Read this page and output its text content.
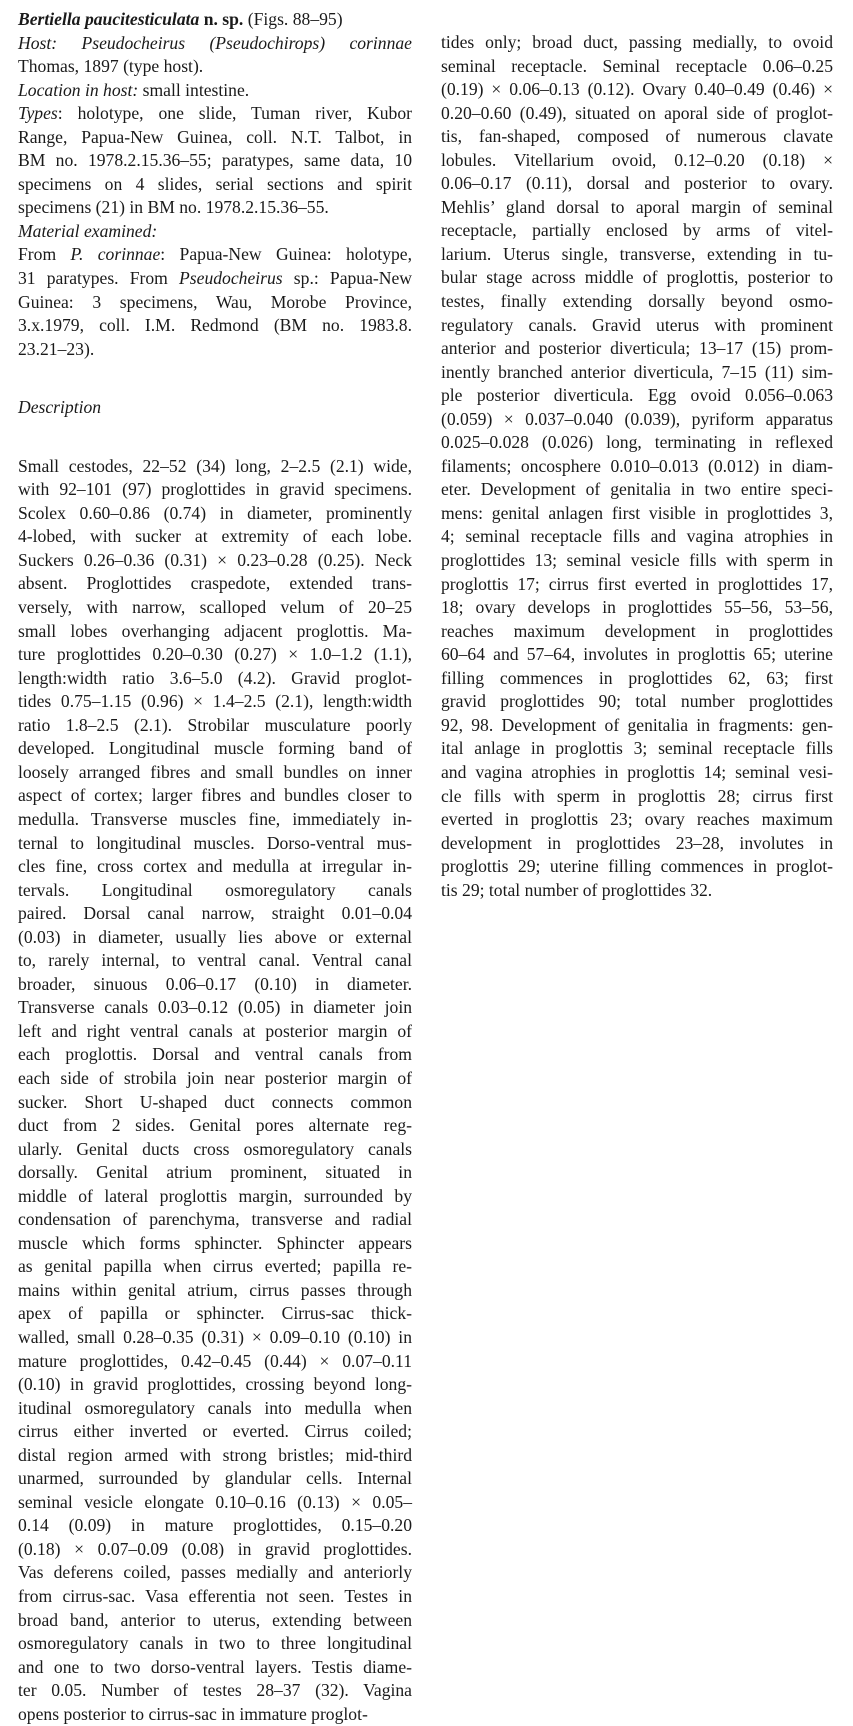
Bertiella paucitesticulata n. sp. (Figs. 88–95)
Host: Pseudocheirus (Pseudochirops) corinnae
Thomas, 1897 (type host).
Location in host: small intestine.
Types: holotype, one slide, Tuman river, Kubor
Range, Papua-New Guinea, coll. N.T. Talbot, in
BM no. 1978.2.15.36–55; paratypes, same data, 10
specimens on 4 slides, serial sections and spirit
specimens (21) in BM no. 1978.2.15.36–55.
Material examined:
From P. corinnae: Papua-New Guinea: holotype,
31 paratypes. From Pseudocheirus sp.: Papua-New
Guinea: 3 specimens, Wau, Morobe Province,
3.x.1979, coll. I.M. Redmond (BM no. 1983.8.
23.21–23).
Description
Small cestodes, 22–52 (34) long, 2–2.5 (2.1) wide,
with 92–101 (97) proglottides in gravid specimens.
Scolex 0.60–0.86 (0.74) in diameter, prominently
4-lobed, with sucker at extremity of each lobe.
Suckers 0.26–0.36 (0.31) × 0.23–0.28 (0.25). Neck
absent. Proglottides craspedote, extended trans-
versely, with narrow, scalloped velum of 20–25
small lobes overhanging adjacent proglottis. Ma-
ture proglottides 0.20–0.30 (0.27) × 1.0–1.2 (1.1),
length:width ratio 3.6–5.0 (4.2). Gravid proglot-
tides 0.75–1.15 (0.96) × 1.4–2.5 (2.1), length:width
ratio 1.8–2.5 (2.1). Strobilar musculature poorly
developed. Longitudinal muscle forming band of
loosely arranged fibres and small bundles on inner
aspect of cortex; larger fibres and bundles closer to
medulla. Transverse muscles fine, immediately in-
ternal to longitudinal muscles. Dorso-ventral mus-
cles fine, cross cortex and medulla at irregular in-
tervals. Longitudinal osmoregulatory canals
paired. Dorsal canal narrow, straight 0.01–0.04
(0.03) in diameter, usually lies above or external
to, rarely internal, to ventral canal. Ventral canal
broader, sinuous 0.06–0.17 (0.10) in diameter.
Transverse canals 0.03–0.12 (0.05) in diameter join
left and right ventral canals at posterior margin of
each proglottis. Dorsal and ventral canals from
each side of strobila join near posterior margin of
sucker. Short U-shaped duct connects common
duct from 2 sides. Genital pores alternate reg-
ularly. Genital ducts cross osmoregulatory canals
dorsally. Genital atrium prominent, situated in
middle of lateral proglottis margin, surrounded by
condensation of parenchyma, transverse and radial
muscle which forms sphincter. Sphincter appears
as genital papilla when cirrus everted; papilla re-
mains within genital atrium, cirrus passes through
apex of papilla or sphincter. Cirrus-sac thick-
walled, small 0.28–0.35 (0.31) × 0.09–0.10 (0.10) in
mature proglottides, 0.42–0.45 (0.44) × 0.07–0.11
(0.10) in gravid proglottides, crossing beyond long-
itudinal osmoregulatory canals into medulla when
cirrus either inverted or everted. Cirrus coiled;
distal region armed with strong bristles; mid-third
unarmed, surrounded by glandular cells. Internal
seminal vesicle elongate 0.10–0.16 (0.13) × 0.05–
0.14 (0.09) in mature proglottides, 0.15–0.20
(0.18) × 0.07–0.09 (0.08) in gravid proglottides.
Vas deferens coiled, passes medially and anteriorly
from cirrus-sac. Vasa efferentia not seen. Testes in
broad band, anterior to uterus, extending between
osmoregulatory canals in two to three longitudinal
and one to two dorso-ventral layers. Testis diame-
ter 0.05. Number of testes 28–37 (32). Vagina
opens posterior to cirrus-sac in immature proglot-
tides only; broad duct, passing medially, to ovoid
seminal receptacle. Seminal receptacle 0.06–0.25
(0.19) × 0.06–0.13 (0.12). Ovary 0.40–0.49 (0.46) ×
0.20–0.60 (0.49), situated on aporal side of proglot-
tis, fan-shaped, composed of numerous clavate
lobules. Vitellarium ovoid, 0.12–0.20 (0.18) ×
0.06–0.17 (0.11), dorsal and posterior to ovary.
Mehlis’ gland dorsal to aporal margin of seminal
receptacle, partially enclosed by arms of vitel-
larium. Uterus single, transverse, extending in tu-
bular stage across middle of proglottis, posterior to
testes, finally extending dorsally beyond osmo-
regulatory canals. Gravid uterus with prominent
anterior and posterior diverticula; 13–17 (15) prom-
inently branched anterior diverticula, 7–15 (11) sim-
ple posterior diverticula. Egg ovoid 0.056–0.063
(0.059) × 0.037–0.040 (0.039), pyriform apparatus
0.025–0.028 (0.026) long, terminating in reflexed
filaments; oncosphere 0.010–0.013 (0.012) in diam-
eter. Development of genitalia in two entire speci-
mens: genital anlagen first visible in proglottides 3,
4; seminal receptacle fills and vagina atrophies in
proglottides 13; seminal vesicle fills with sperm in
proglottis 17; cirrus first everted in proglottides 17,
18; ovary develops in proglottides 55–56, 53–56,
reaches maximum development in proglottides
60–64 and 57–64, involutes in proglottis 65; uterine
filling commences in proglottides 62, 63; first
gravid proglottides 90; total number proglottides
92, 98. Development of genitalia in fragments: gen-
ital anlage in proglottis 3; seminal receptacle fills
and vagina atrophies in proglottis 14; seminal vesi-
cle fills with sperm in proglottis 28; cirrus first
everted in proglottis 23; ovary reaches maximum
development in proglottides 23–28, involutes in
proglottis 29; uterine filling commences in proglot-
tis 29; total number of proglottides 32.
